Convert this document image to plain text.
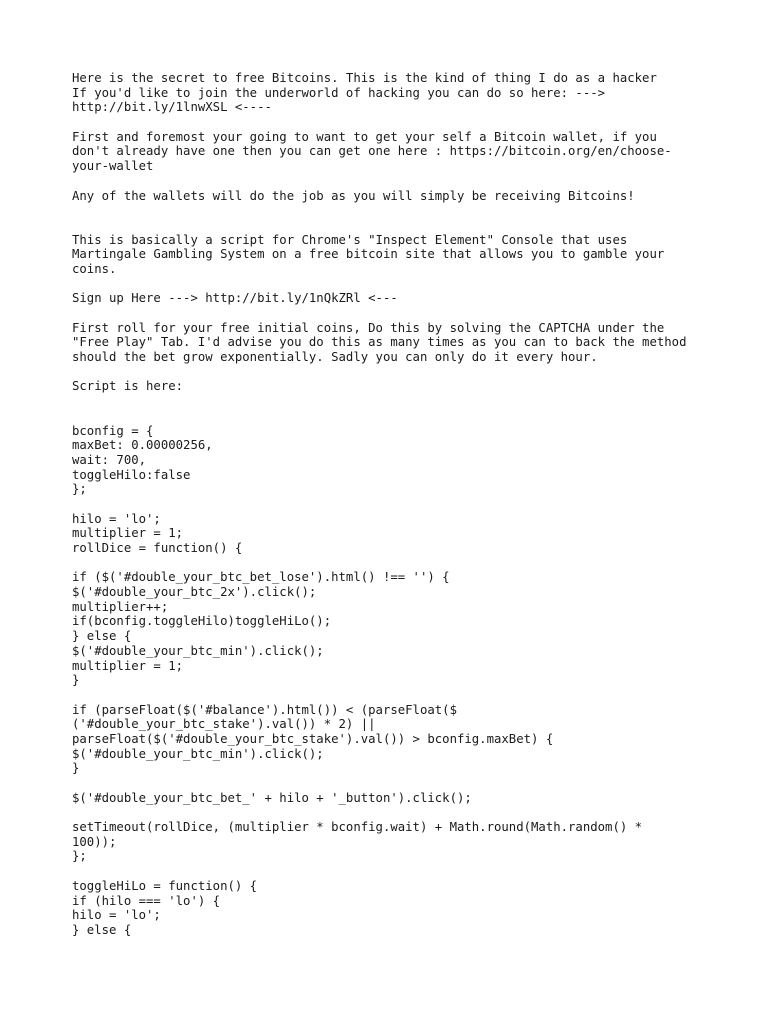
Here is the secret to free Bitcoins. This is the kind of thing I do as a hacker

If you'd like to join the underworld of hacking you can do so here: --->

http://bit.ly/1lnwXSL <----

First and foremost your going to want to get your self a Bitcoin wallet, if you

don't already have one then you can get one here : https://bitcoin.org/en/choose-

your-wallet

Any of the wallets will do the job as you will simply be receiving Bitcoins!

This is basically a script for Chrome's "Inspect Element" Console that uses

Martingale Gambling System on a free bitcoin site that allows you to gamble your

coins.

Sign up Here ---> http://bit.ly/1nQkZRl <---

First roll for your free initial coins, Do this by solving the CAPTCHA under the

"Free Play" Tab. I'd advise you do this as many times as you can to back the method

should the bet grow exponentially. Sadly you can only do it every hour.

Script is here:

bconfig = {

maxBet: 0.00000256,

wait: 700,

toggleHilo:false

};

hilo = 'lo';

multiplier = 1;

rollDice = function() {

if ($('#double_your_btc_bet_lose').html() !== '') {

$('#double_your_btc_2x').click();

multiplier++;

if(bconfig.toggleHilo)toggleHiLo();

} else {

$('#double_your_btc_min').click();

multiplier = 1;

}

if (parseFloat($('#balance').html()) < (parseFloat($

('#double_your_btc_stake').val()) * 2) ||

parseFloat($('#double_your_btc_stake').val()) > bconfig.maxBet) {

$('#double_your_btc_min').click();

}

$('#double_your_btc_bet_' + hilo + '_button').click();

setTimeout(rollDice, (multiplier * bconfig.wait) + Math.round(Math.random() *

100));

};

toggleHiLo = function() {

if (hilo === 'lo') {

hilo = 'lo';

} else {
